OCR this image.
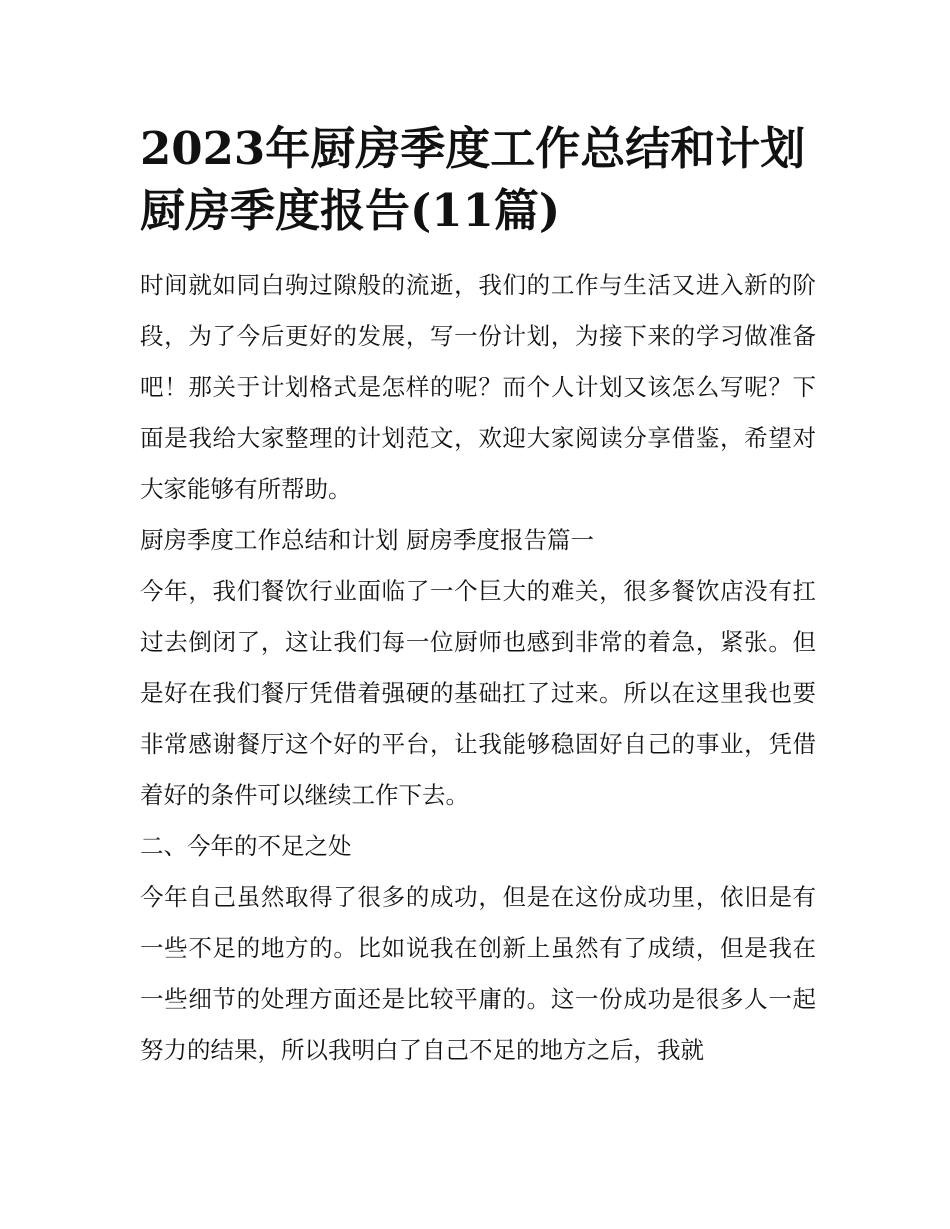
2023年厨房季度工作总结和计划 厨房季度报告(11篇)

时间就如同白驹过隙般的流逝，我们的工作与生活又进入新的阶段，为了今后更好的发展，写一份计划，为接下来的学习做准备吧！那关于计划格式是怎样的呢？而个人计划又该怎么写呢？下面是我给大家整理的计划范文，欢迎大家阅读分享借鉴，希望对大家能够有所帮助。

厨房季度工作总结和计划 厨房季度报告篇一

今年，我们餐饮行业面临了一个巨大的难关，很多餐饮店没有扛过去倒闭了，这让我们每一位厨师也感到非常的着急，紧张。但是好在我们餐厅凭借着强硬的基础扛了过来。所以在这里我也要非常感谢餐厅这个好的平台，让我能够稳固好自己的事业，凭借着好的条件可以继续工作下去。

二、今年的不足之处

今年自己虽然取得了很多的成功，但是在这份成功里，依旧是有一些不足的地方的。比如说我在创新上虽然有了成绩，但是我在一些细节的处理方面还是比较平庸的。这一份成功是很多人一起努力的结果，所以我明白了自己不足的地方之后，我就
